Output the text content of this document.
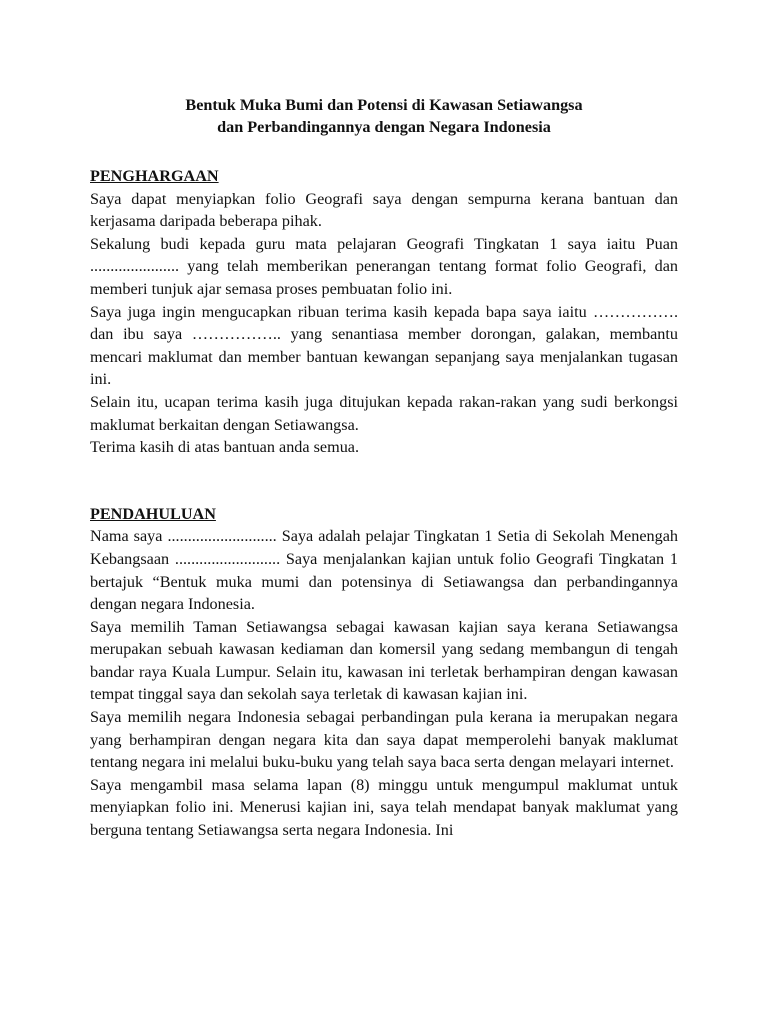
Bentuk Muka Bumi dan Potensi di Kawasan Setiawangsa

dan Perbandingannya dengan Negara Indonesia

PENGHARGAAN

Saya dapat menyiapkan folio Geografi saya dengan sempurna kerana bantuan dan kerjasama daripada beberapa pihak.

Sekalung budi kepada guru mata pelajaran Geografi Tingkatan 1 saya iaitu Puan ...................... yang telah memberikan penerangan tentang format folio Geografi, dan memberi tunjuk ajar semasa proses pembuatan folio ini.

Saya juga ingin mengucapkan ribuan terima kasih kepada bapa saya iaitu ……………. dan ibu saya …………….. yang senantiasa member dorongan, galakan, membantu mencari maklumat dan member bantuan kewangan sepanjang saya menjalankan tugasan ini.

Selain itu, ucapan terima kasih juga ditujukan kepada rakan-rakan yang sudi berkongsi maklumat berkaitan dengan Setiawangsa.

Terima kasih di atas bantuan anda semua.

PENDAHULUAN

Nama saya ........................... Saya adalah pelajar Tingkatan 1 Setia di Sekolah Menengah Kebangsaan .......................... Saya menjalankan kajian untuk folio Geografi Tingkatan 1 bertajuk “Bentuk muka mumi dan potensinya di Setiawangsa dan perbandingannya dengan negara Indonesia.

Saya memilih Taman Setiawangsa sebagai kawasan kajian saya kerana Setiawangsa merupakan sebuah kawasan kediaman dan komersil yang sedang membangun di tengah bandar raya Kuala Lumpur. Selain itu, kawasan ini terletak berhampiran dengan kawasan tempat tinggal saya dan sekolah saya terletak di kawasan kajian ini.

Saya memilih negara Indonesia sebagai perbandingan pula kerana ia merupakan negara yang berhampiran dengan negara kita dan saya dapat memperolehi banyak maklumat tentang negara ini melalui buku-buku yang telah saya baca serta dengan melayari internet.

Saya mengambil masa selama lapan (8) minggu untuk mengumpul maklumat untuk menyiapkan folio ini. Menerusi kajian ini, saya telah mendapat banyak maklumat yang berguna tentang Setiawangsa serta negara Indonesia. Ini
